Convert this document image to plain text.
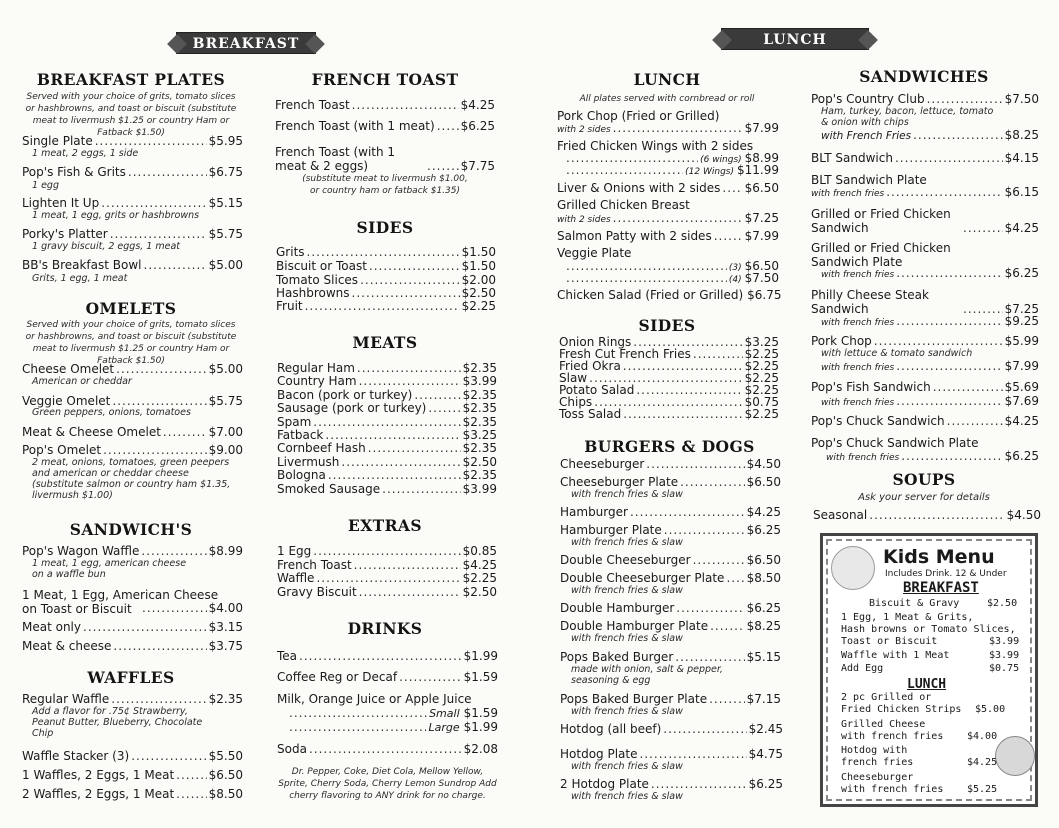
BREAKFAST	LUNCH
BREAKFAST PLATES
Served with your choice of grits, tomato slices or hashbrowns, and toast or biscuit (substitute meat to livermush $1.25 or country Ham or Fatback $1.50)
Single Plate .....	$5.95
1 meat, 2 eggs, 1 side
Pop's Fish & Grits .....	$6.75
1 egg
Lighten It Up .....	$5.15
1 meat, 1 egg, grits or hashbrowns
Porky's Platter .....	$5.75
1 gravy biscuit, 2 eggs, 1 meat
BB's Breakfast Bowl .....	$5.00
Grits, 1 egg, 1 meat
OMELETS
Served with your choice of grits, tomato slices or hashbrowns, and toast or biscuit (substitute meat to livermush $1.25 or country Ham or Fatback $1.50)
Cheese Omelet .....	$5.00
American or cheddar
Veggie Omelet .....	$5.75
Green peppers, onions, tomatoes
Meat & Cheese Omelet .....	$7.00
Pop's Omelet .....	$9.00
2 meat, onions, tomatoes, green peepers and american or cheddar cheese (substitute salmon or country ham $1.35, livermush $1.00)
SANDWICH'S
Pop's Wagon Waffle .....	$8.99
1 meat, 1 egg, american cheese on a waffle bun
1 Meat, 1 Egg, American Cheese on Toast or Biscuit .....	$4.00
Meat only .....	$3.15
Meat & cheese .....	$3.75
WAFFLES
Regular Waffle .....	$2.35
Add a flavor for .75¢ Strawberry, Peanut Butter, Blueberry, Chocolate Chip
Waffle Stacker (3) .....	$5.50
1 Waffles, 2 Eggs, 1 Meat .....	$6.50
2 Waffles, 2 Eggs, 1 Meat .....	$8.50
FRENCH TOAST
French Toast .....	$4.25
French Toast (with 1 meat) ..... $6.25
French Toast (with 1 meat & 2 eggs) .....	$7.75
(substitute meat to livermush $1.00, or country ham or fatback $1.35)
SIDES
Grits .....	$1.50
Biscuit or Toast .....	$1.50
Tomato Slices .....	$2.00
Hashbrowns .....	$2.50
Fruit .....	$2.25
MEATS
Regular Ham .....	$2.35
Country Ham .....	$3.99
Bacon (pork or turkey) .....	$2.35
Sausage (pork or turkey) .....	$2.35
Spam .....	$2.35
Fatback .....	$3.25
Cornbeef Hash .....	$2.35
Livermush .....	$2.50
Bologna .....	$2.35
Smoked Sausage .....	$3.99
EXTRAS
1 Egg .....	$0.85
French Toast .....	$4.25
Waffle .....	$2.25
Gravy Biscuit .....	$2.50
DRINKS
Tea .....	$1.99
Coffee Reg or Decaf .....	$1.59
Milk, Orange Juice or Apple Juice
.....
Small $1.59
.....
Large $1.99
Soda .....	$2.08
Dr. Pepper, Coke, Diet Cola, Mellow Yellow, Sprite, Cherry Soda, Cherry Lemon Sundrop Add cherry flavoring to ANY drink for no charge.
LUNCH
All plates served with cornbread or roll
Pork Chop (Fried or Grilled)
with 2 sides .....	$7.99
Fried Chicken Wings with 2 sides
.....
(6 wings) $8.99
.....
(12 Wings) $11.99
Liver & Onions with 2 sides ..... $6.50
Grilled Chicken Breast
with 2 sides .....	$7.25
Salmon Patty with 2 sides .....	$7.99
Veggie Plate
.....
(3) $6.50
.....
(4) $7.50
Chicken Salad (Fried or Grilled) $6.75
SIDES
Onion Rings .....	$3.25
Fresh Cut French Fries .....	$2.25
Fried Okra .....	$2.25
Slaw .....	$2.25
Potato Salad .....	$2.25
Chips .....	$0.75
Toss Salad .....	$2.25
BURGERS & DOGS
Cheeseburger .....	$4.50
Cheeseburger Plate .....	$6.50
with french fries & slaw
Hamburger .....	$4.25
Hamburger Plate .....	$6.25
with french fries & slaw
Double Cheeseburger .....	$6.50
Double Cheeseburger Plate ..... $8.50
with french fries & slaw
Double Hamburger .....	$6.25
Double Hamburger Plate .....	$8.25
with french fries & slaw
Pops Baked Burger .....	$5.15
made with onion, salt & pepper, seasoning & egg
Pops Baked Burger Plate .....	$7.15
with french fries & slaw
Hotdog (all beef) .....	$2.45
Hotdog Plate .....	$4.75
with french fries & slaw
2 Hotdog Plate .....	$6.25
with french fries & slaw
SANDWICHES
Pop's Country Club .....	$7.50
Ham, turkey, bacon, lettuce, tomato & onion with chips
with French Fries .....	$8.25
BLT Sandwich .....	$4.15
BLT Sandwich Plate
with french fries .....	$6.15
Grilled or Fried Chicken Sandwich .....	$4.25
Grilled or Fried Chicken Sandwich Plate
with french fries .....	$6.25
Philly Cheese Steak Sandwich .....	$7.25
with french fries .....	$9.25
Pork Chop .....	$5.99
with lettuce & tomato sandwich
with french fries .....	$7.99
Pop's Fish Sandwich .....	$5.69
with french fries .....	$7.69
Pop's Chuck Sandwich .....	$4.25
Pop's Chuck Sandwich Plate
with french fries .....	$6.25
SOUPS
Ask your server for details
Seasonal .....	$4.50
Kids Menu
Includes Drink. 12 & Under
BREAKFAST
Biscuit & Gravy	$2.50
1 Egg, 1 Meat & Grits,
Hash browns or Tomato Slices,
Toast or Biscuit	$3.99
Waffle with 1 Meat	$3.99
Add Egg	$0.75
LUNCH
2 pc Grilled or
Fried Chicken Strips $5.00
Grilled Cheese
with french fries $4.00
Hotdog with
french fries	$4.25
Cheeseburger
with french fries $5.25
